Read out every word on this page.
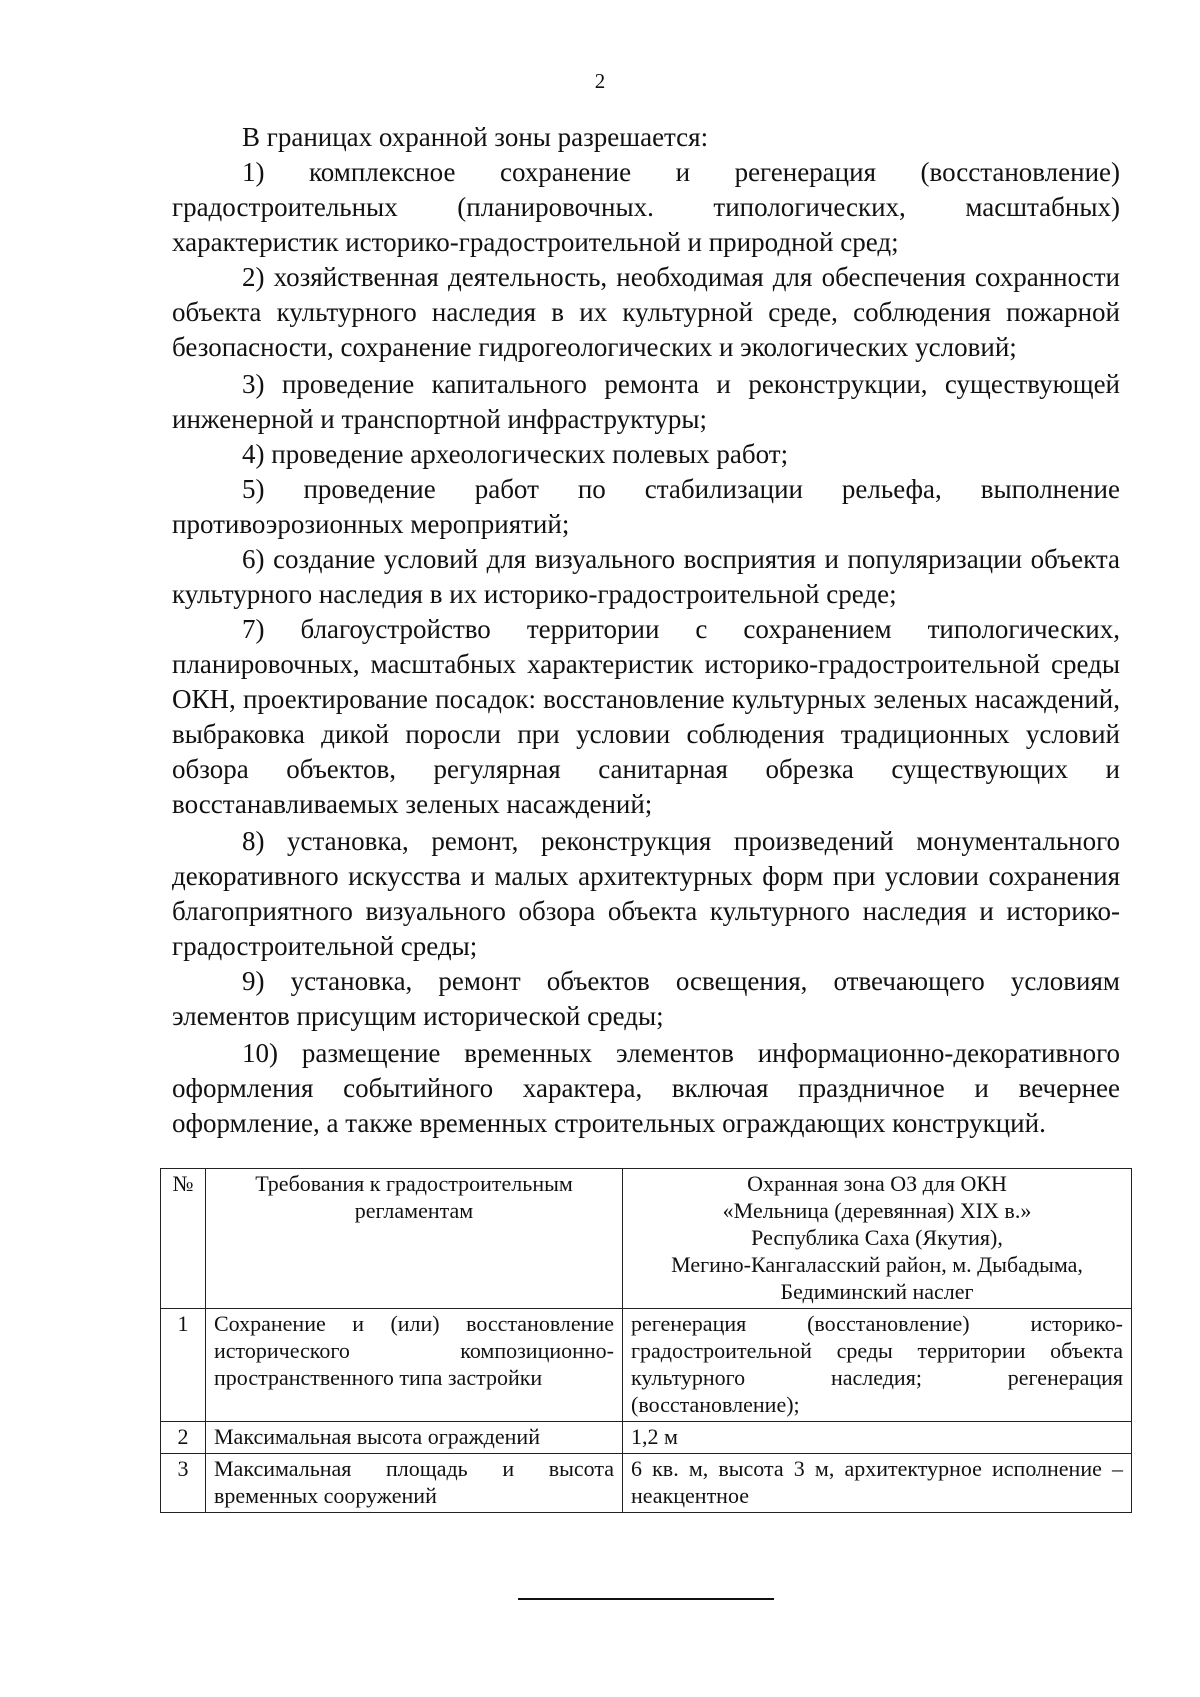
2

В границах охранной зоны разрешается:

1) комплексное сохранение и регенерация (восстановление) градостроительных (планировочных. типологических, масштабных) характеристик историко-градостроительной и природной сред;

2) хозяйственная деятельность, необходимая для обеспечения сохранности объекта культурного наследия в их культурной среде, соблюдения пожарной безопасности, сохранение гидрогеологических и экологических условий;

3) проведение капитального ремонта и реконструкции, существующей инженерной и транспортной инфраструктуры;

4) проведение археологических полевых работ;

5) проведение работ по стабилизации рельефа, выполнение противоэрозионных мероприятий;

6) создание условий для визуального восприятия и популяризации объекта культурного наследия в их историко-градостроительной среде;

7) благоустройство территории с сохранением типологических, планировочных, масштабных характеристик историко-градостроительной среды ОКН, проектирование посадок: восстановление культурных зеленых насаждений, выбраковка дикой поросли при условии соблюдения традиционных условий обзора объектов, регулярная санитарная обрезка существующих и восстанавливаемых зеленых насаждений;

8) установка, ремонт, реконструкция произведений монументального декоративного искусства и малых архитектурных форм при условии сохранения благоприятного визуального обзора объекта культурного наследия и историко-градостроительной среды;

9) установка, ремонт объектов освещения, отвечающего условиям элементов присущим исторической среды;

10) размещение временных элементов информационно-декоративного оформления событийного характера, включая праздничное и вечернее оформление, а также временных строительных ограждающих конструкций.

№	Требования к градостроительным регламентам	Охранная зона ОЗ для ОКН
«Мельница (деревянная) XIX в.»
Республика Саха (Якутия),
Мегино-Кангаласский район, м. Дыбадыма,
Бедиминский наслег

1	Сохранение и (или) восстановление исторического композиционно-пространственного типа застройки	регенерация (восстановление) историко-градостроительной среды территории объекта культурного наследия; регенерация (восстановление);
2	Максимальная высота ограждений	1,2 м
3	Максимальная площадь и высота временных сооружений	6 кв. м, высота 3 м, архитектурное исполнение – неакцентное
